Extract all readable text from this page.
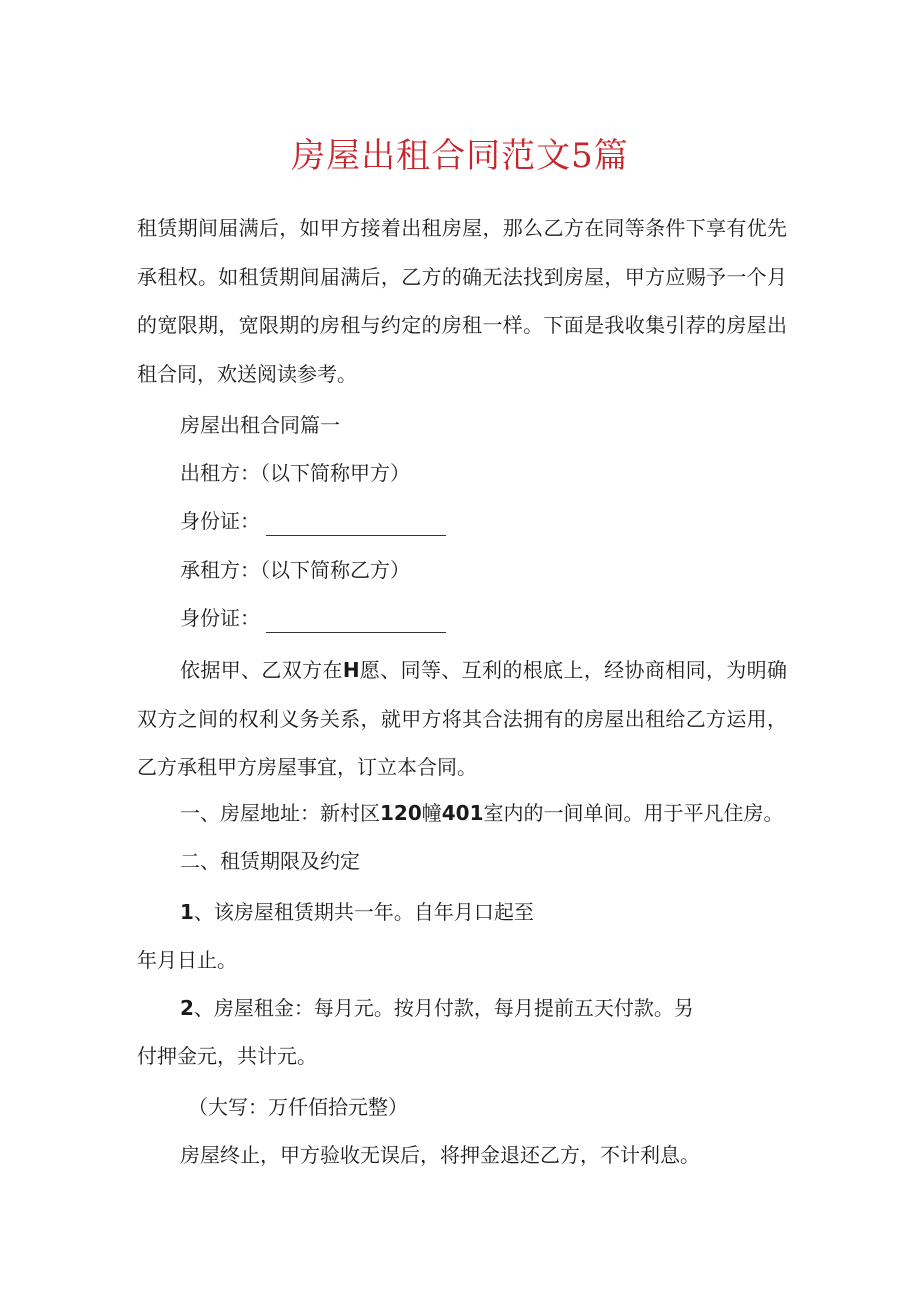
房屋出租合同范文5篇
租赁期间届满后，如甲方接着出租房屋，那么乙方在同等条件下享有优先承租权。如租赁期间届满后，乙方的确无法找到房屋，甲方应赐予一个月的宽限期，宽限期的房租与约定的房租一样。下面是我收集引荐的房屋出租合同，欢送阅读参考。
房屋出租合同篇一
出租方：（以下简称甲方）
身份证：
承租方：（以下简称乙方）
身份证：
依据甲、乙双方在H愿、同等、互利的根底上，经协商相同，为明确双方之间的权利义务关系，就甲方将其合法拥有的房屋出租给乙方运用，乙方承租甲方房屋事宜，订立本合同。
一、房屋地址：新村区120幢401室内的一间单间。用于平凡住房。
二、租赁期限及约定
1、该房屋租赁期共一年。自年月口起至
年月日止。
2、房屋租金：每月元。按月付款，每月提前五天付款。另
付押金元，共计元。
（大写：万仟佰拾元整）
房屋终止，甲方验收无误后，将押金退还乙方，不计利息。
